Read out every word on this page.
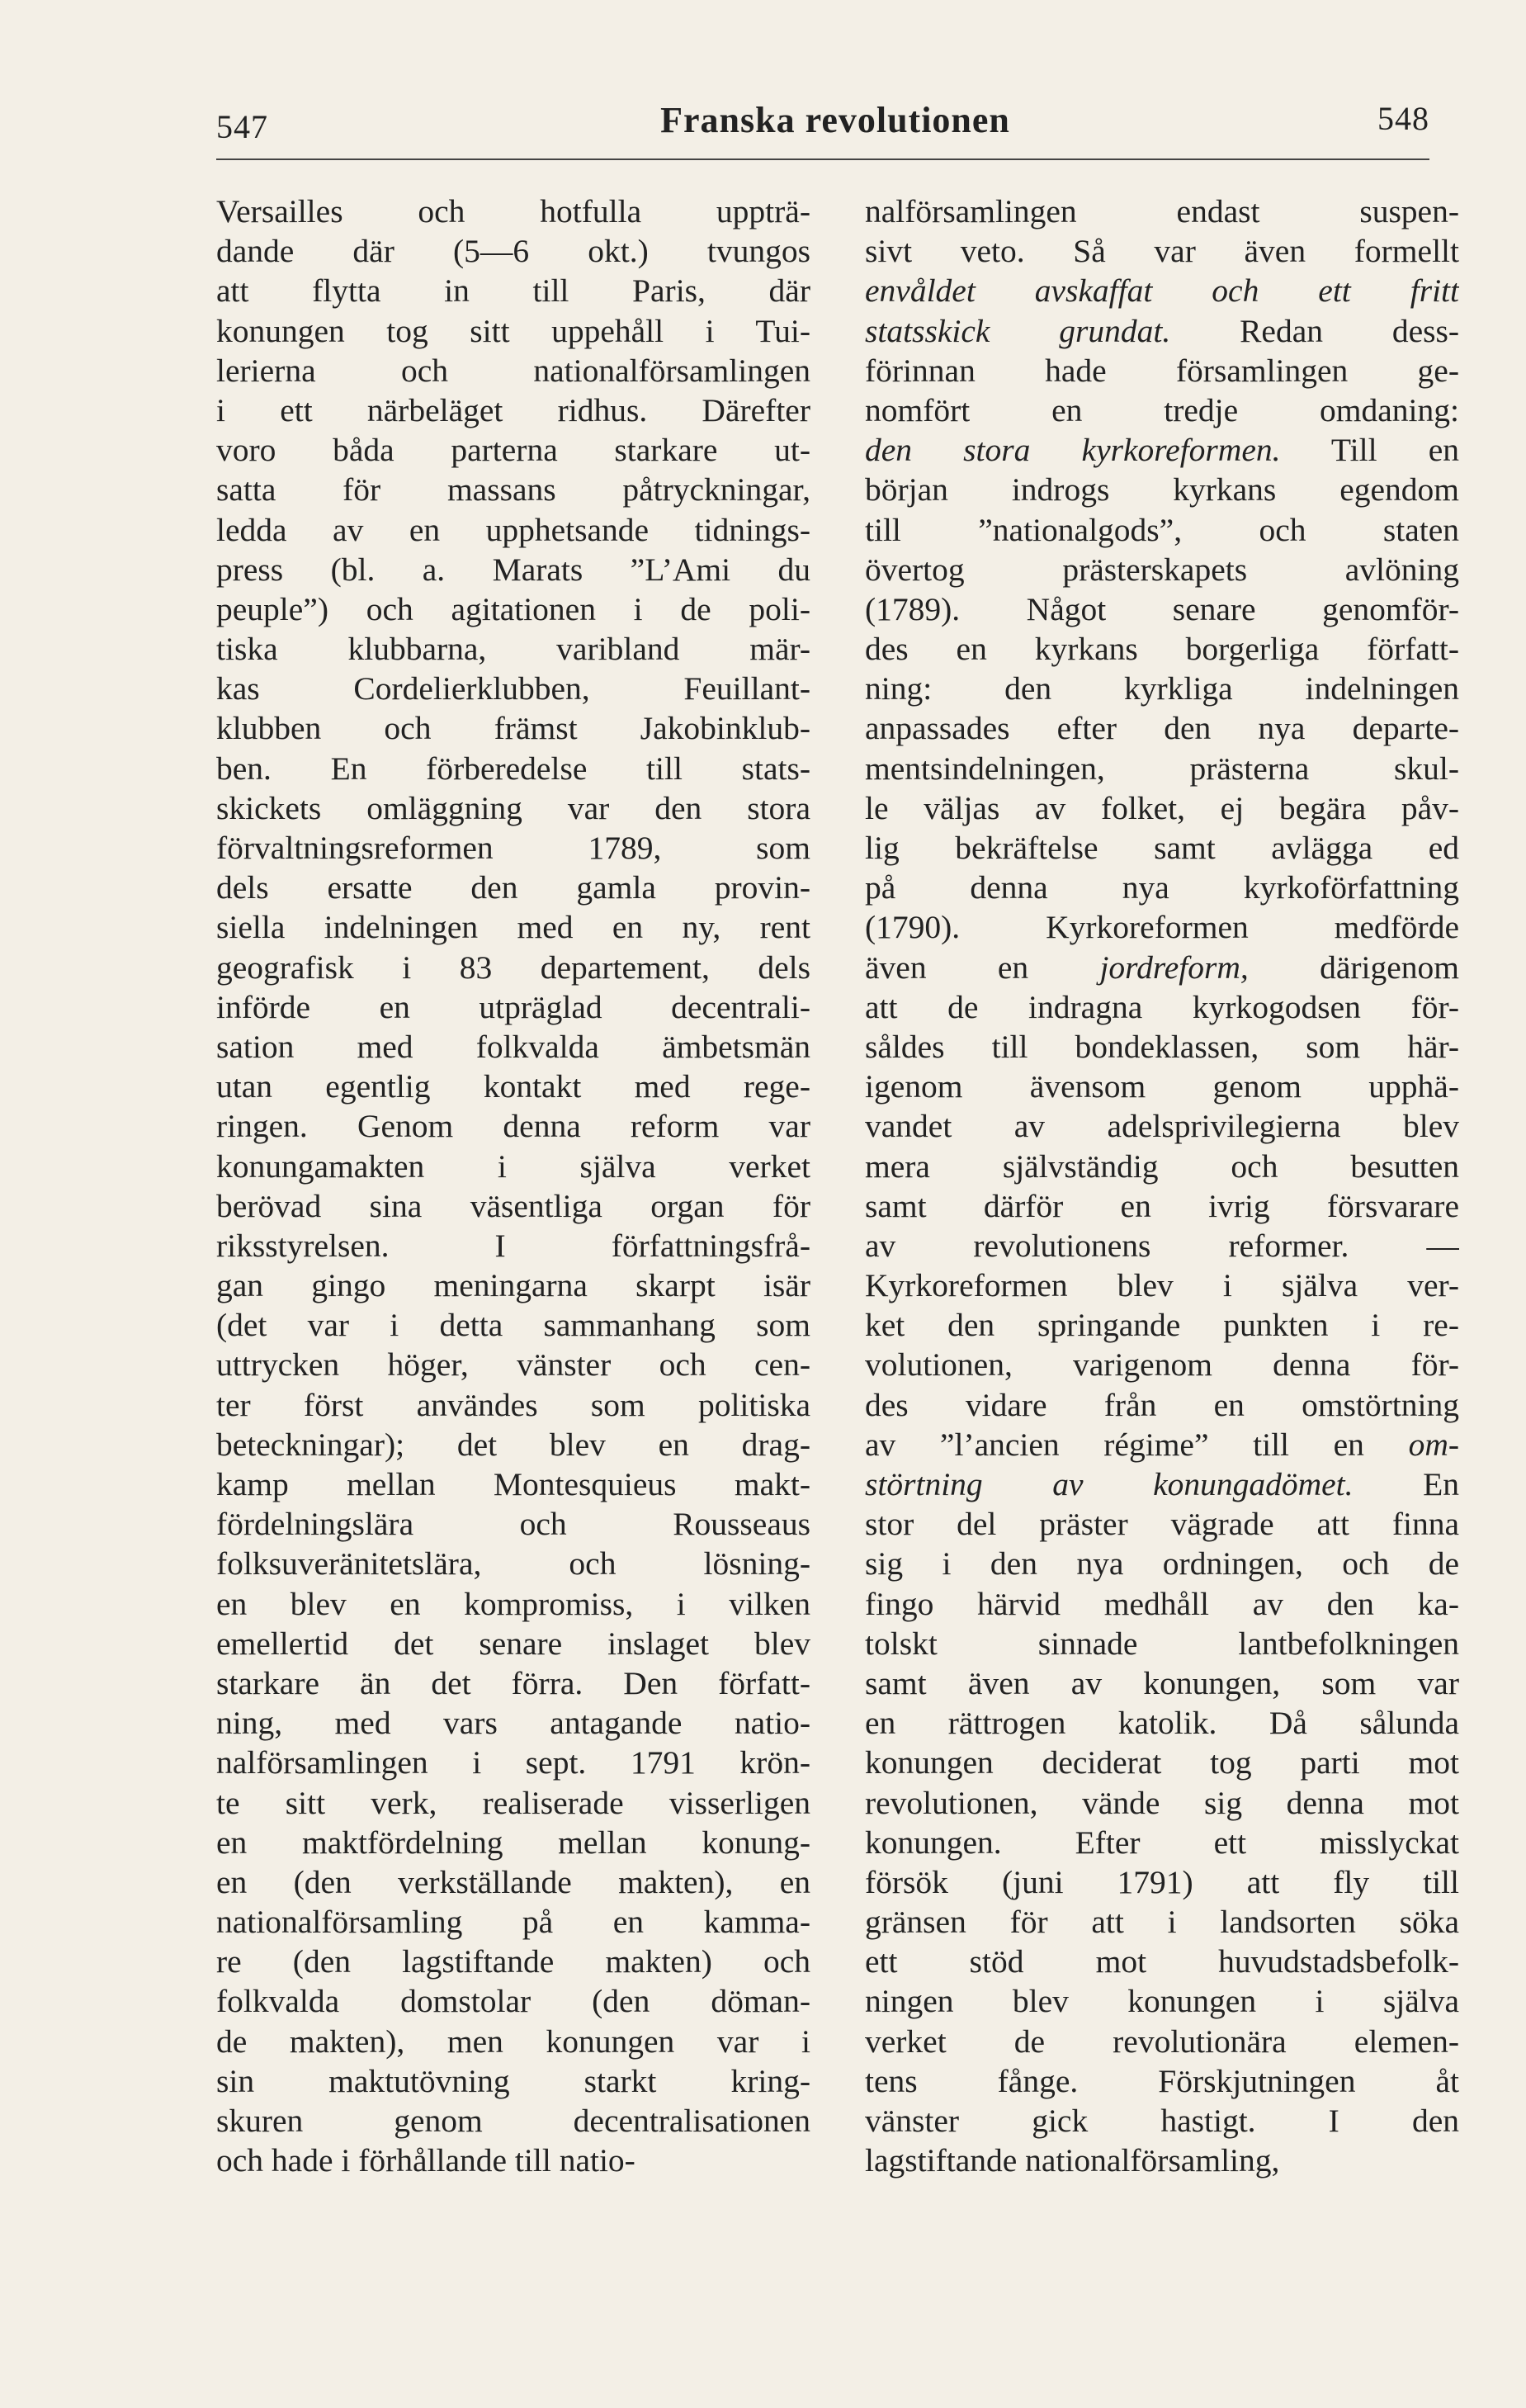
547	Franska revolutionen	548
Versailles och hotfulla uppträ-
dande där (5—6 okt.) tvungos
att flytta in till Paris, där
konungen tog sitt uppehåll i Tui-
lerierna och nationalförsamlingen
i ett närbeläget ridhus. Därefter
voro båda parterna starkare ut-
satta för massans påtryckningar,
ledda av en upphetsande tidnings-
press (bl. a. Marats ”L’Ami du
peuple”) och agitationen i de poli-
tiska klubbarna, varibland mär-
kas Cordelierklubben, Feuillant-
klubben och främst Jakobinklub-
ben. En förberedelse till stats-
skickets omläggning var den stora
förvaltningsreformen 1789, som
dels ersatte den gamla provin-
siella indelningen med en ny, rent
geografisk i 83 departement, dels
införde en utpräglad decentrali-
sation med folkvalda ämbetsmän
utan egentlig kontakt med rege-
ringen. Genom denna reform var
konungamakten i själva verket
berövad sina väsentliga organ för
riksstyrelsen. I författningsfrå-
gan gingo meningarna skarpt isär
(det var i detta sammanhang som
uttrycken höger, vänster och cen-
ter först användes som politiska
beteckningar); det blev en drag-
kamp mellan Montesquieus makt-
fördelningslära och Rousseaus
folksuveränitetslära, och lösning-
en blev en kompromiss, i vilken
emellertid det senare inslaget blev
starkare än det förra. Den författ-
ning, med vars antagande natio-
nalförsamlingen i sept. 1791 krön-
te sitt verk, realiserade visserligen
en maktfördelning mellan konung-
en (den verkställande makten), en
nationalförsamling på en kamma-
re (den lagstiftande makten) och
folkvalda domstolar (den döman-
de makten), men konungen var i
sin maktutövning starkt kring-
skuren genom decentralisationen
och hade i förhållande till natio-
nalförsamlingen endast suspen-
sivt veto. Så var även formellt
envåldet avskaffat och ett fritt
statsskick grundat. Redan dess-
förinnan hade församlingen ge-
nomfört en tredje omdaning:
den stora kyrkoreformen. Till en
början indrogs kyrkans egendom
till ”nationalgods”, och staten
övertog prästerskapets avlöning
(1789). Något senare genomför-
des en kyrkans borgerliga författ-
ning: den kyrkliga indelningen
anpassades efter den nya departe-
mentsindelningen, prästerna skul-
le väljas av folket, ej begära påv-
lig bekräftelse samt avlägga ed
på denna nya kyrkoförfattning
(1790). Kyrkoreformen medförde
även en jordreform, därigenom
att de indragna kyrkogodsen för-
såldes till bondeklassen, som här-
igenom ävensom genom upphä-
vandet av adelsprivilegierna blev
mera självständig och besutten
samt därför en ivrig försvarare
av revolutionens reformer. —
Kyrkoreformen blev i själva ver-
ket den springande punkten i re-
volutionen, varigenom denna för-
des vidare från en omstörtning
av ”l’ancien régime” till en om-
störtning av konungadömet. En
stor del präster vägrade att finna
sig i den nya ordningen, och de
fingo härvid medhåll av den ka-
tolskt sinnade lantbefolkningen
samt även av konungen, som var
en rättrogen katolik. Då sålunda
konungen deciderat tog parti mot
revolutionen, vände sig denna mot
konungen. Efter ett misslyckat
försök (juni 1791) att fly till
gränsen för att i landsorten söka
ett stöd mot huvudstadsbefolk-
ningen blev konungen i själva
verket de revolutionära elemen-
tens fånge. Förskjutningen åt
vänster gick hastigt. I den
lagstiftande nationalförsamling,
